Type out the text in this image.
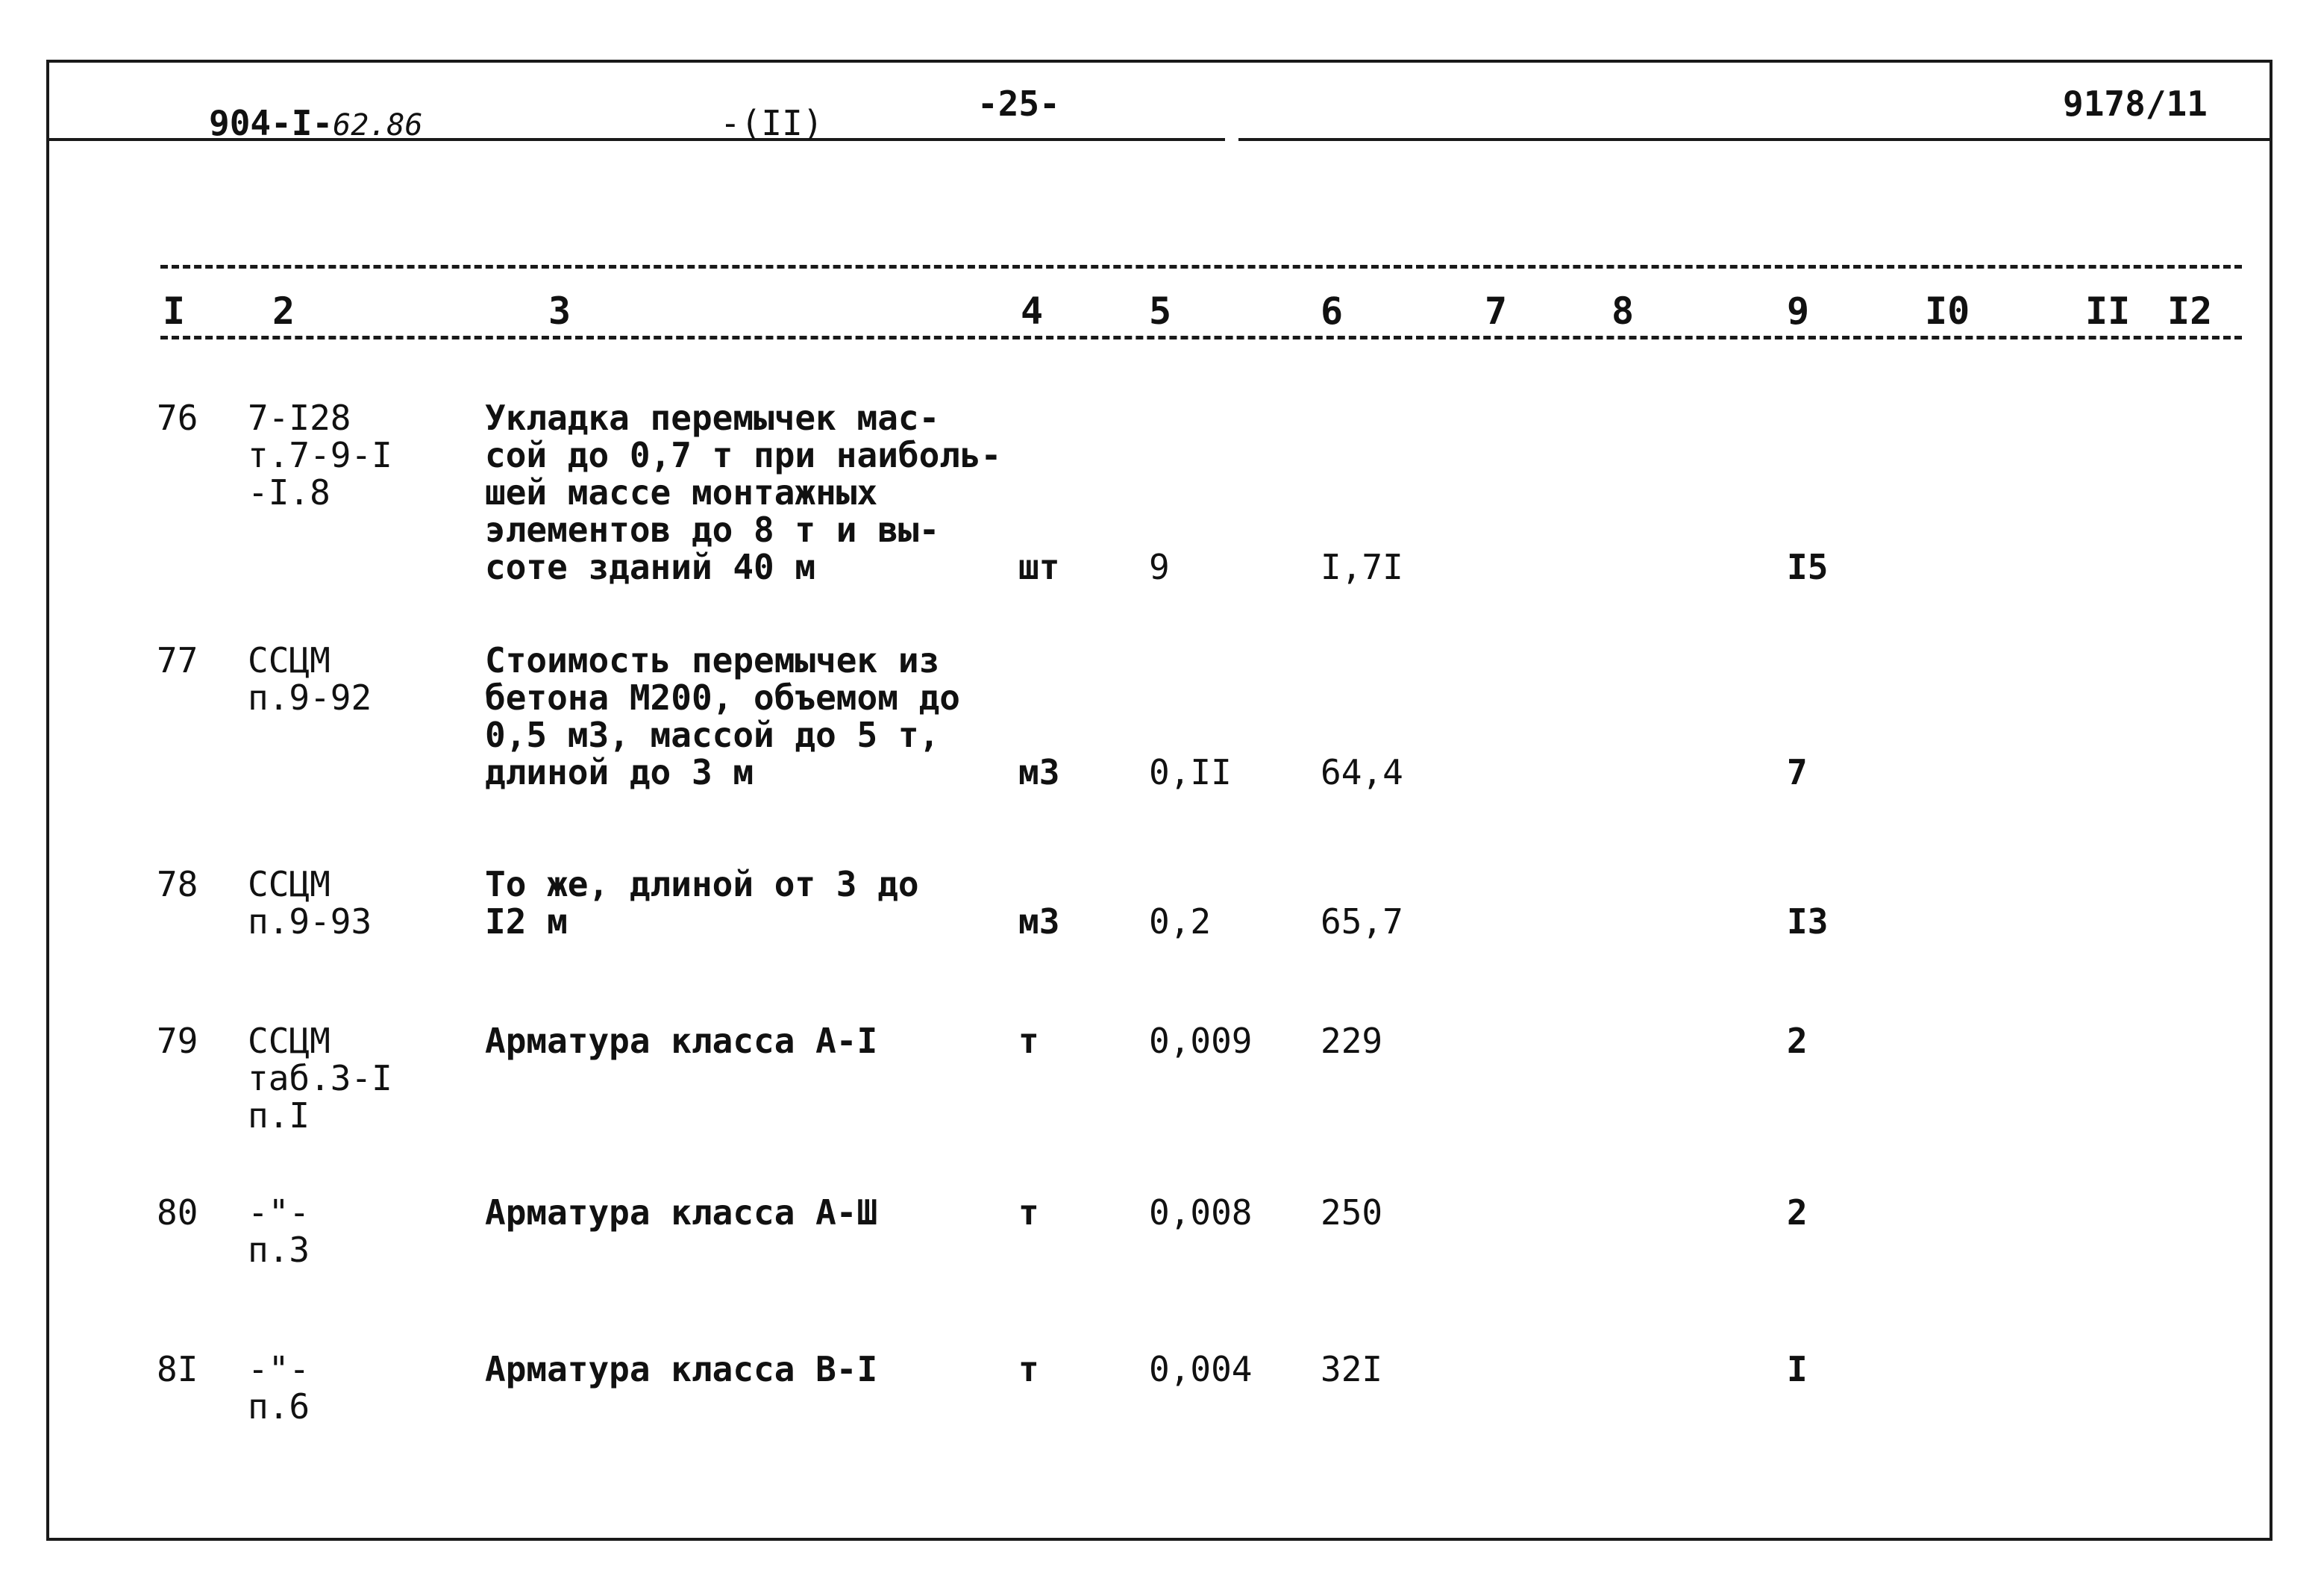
904-I-62.86	-(II)	-25-	9178/11
I 2	3	4	5	6	7	8	9	I0	II I2
76 7-I28
т.7-9-I
-I.8
Укладка перемычек мас-
сой до 0,7 т при наиболь-
шей массе монтажных
элементов до 8 т и вы-
соте зданий 40 м	шт	9	I,7I	I5
77 ССЦМ
п.9-92
Стоимость перемычек из
бетона М200, объемом до
0,5 м3, массой до 5 т,
длиной до 3 м	м3	0,II	64,4	7
78 ССЦМ
п.9-93
То же, длиной от 3 до
I2 м	м3	0,2	65,7	I3
79 ССЦМ
таб.3-I
п.I
Арматура класса А-I	т	0,009 229	2
80 -"-
п.3
Арматура класса А-Ш	т	0,008 250	2
8I -"-
п.6
Арматура класса В-I	т	0,004 32I	I
